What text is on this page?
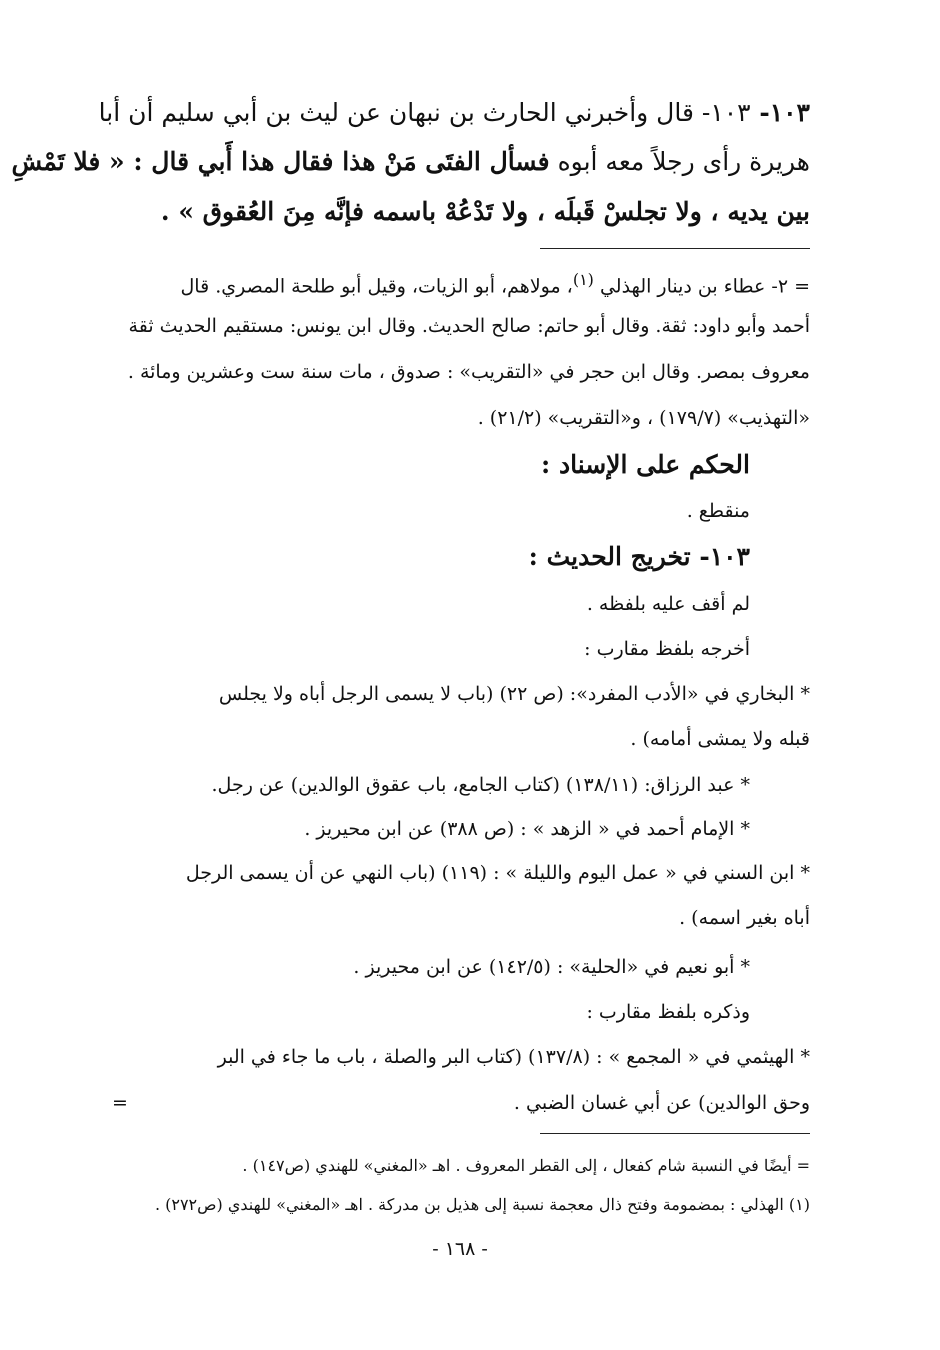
١٠٣- ١٠٣- قال وأخبرني الحارث بن نبهان عن ليث بن أبي سليم أن أبا
هريرة رأى رجلاً معه أبوه فسأل الفتَى مَنْ هذا فقال هذا أَبي قال : « فلا تَمْشِ
بين يديه ، ولا تجلسْ قَبلَه ، ولا تَدْعُهْ باسمه فإنَّه مِنَ العُقوق » .
= ٢- عطاء بن دينار الهذلي $^{(١)}$، مولاهم، أبو الزيات، وقيل أبو طلحة المصري. قال
أحمد وأبو داود: ثقة. وقال أبو حاتم: صالح الحديث. وقال ابن يونس: مستقيم الحديث ثقة
معروف بمصر. وقال ابن حجر في «التقريب» : صدوق ، مات سنة ست وعشرين ومائة .
«التهذيب» (١٧٩/٧) ، و«التقريب» (٢١/٢) .
الحكم على الإسناد :
منقطع .
١٠٣- تخريج الحديث :
لم أقف عليه بلفظه .
أخرجه بلفظ مقارب :
* البخاري في «الأدب المفرد»: (ص ٢٢) (باب لا يسمى الرجل أباه ولا يجلس
قبله ولا يمشى أمامه) .
* عبد الرزاق: (١٣٨/١١) (كتاب الجامع، باب عقوق الوالدين) عن رجل.
* الإمام أحمد في « الزهد » : (ص ٣٨٨) عن ابن محيريز .
* ابن السني في « عمل اليوم والليلة » : (١١٩) (باب النهي عن أن يسمى الرجل
أباه بغير اسمه) .
* أبو نعيم في «الحلية» : (١٤٢/٥) عن ابن محيريز .
وذكره بلفظ مقارب :
* الهيثمي في « المجمع » : (١٣٧/٨) (كتاب البر والصلة ، باب ما جاء في البر
وحق الوالدين) عن أبي غسان الضبي .
=
= أيضًا في النسبة شام كفعال ، إلى القطر المعروف . اهـ «المغني» للهندي (ص١٤٧) .
(١) الهذلي : بمضمومة وفتح ذال معجمة نسبة إلى هذيل بن مدركة . اهـ «المغني» للهندي (ص٢٧٢) .
- ١٦٨ -
